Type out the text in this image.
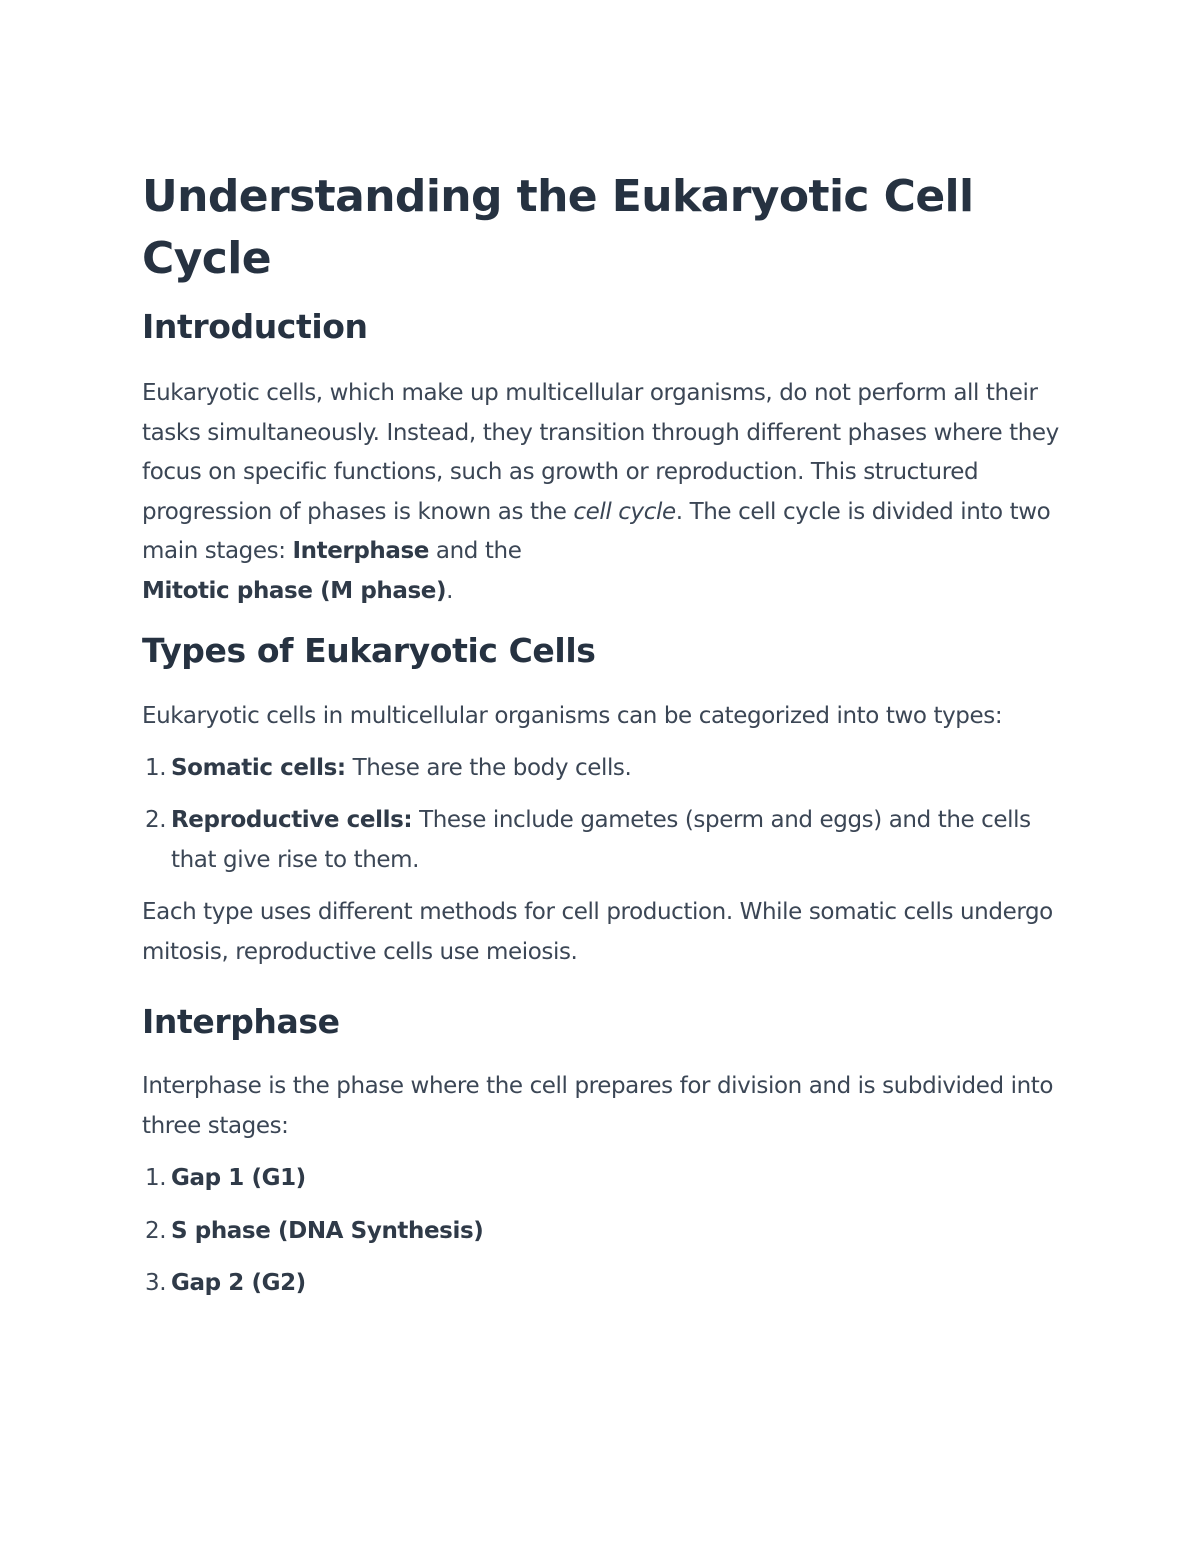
Understanding the Eukaryotic Cell Cycle
Introduction

Eukaryotic cells, which make up multicellular organisms, do not perform all their tasks simultaneously. Instead, they transition through different phases where they focus on specific functions, such as growth or reproduction. This structured progression of phases is known as the cell cycle. The cell cycle is divided into two main stages: Interphase and the
Mitotic phase (M phase).

Types of Eukaryotic Cells

Eukaryotic cells in multicellular organisms can be categorized into two types:

1. Somatic cells: These are the body cells.
2. Reproductive cells: These include gametes (sperm and eggs) and the cells that give rise to them.

Each type uses different methods for cell production. While somatic cells undergo mitosis, reproductive cells use meiosis.

Interphase

Interphase is the phase where the cell prepares for division and is subdivided into three stages:

1. Gap 1 (G1)
2. S phase (DNA Synthesis)
3. Gap 2 (G2)
